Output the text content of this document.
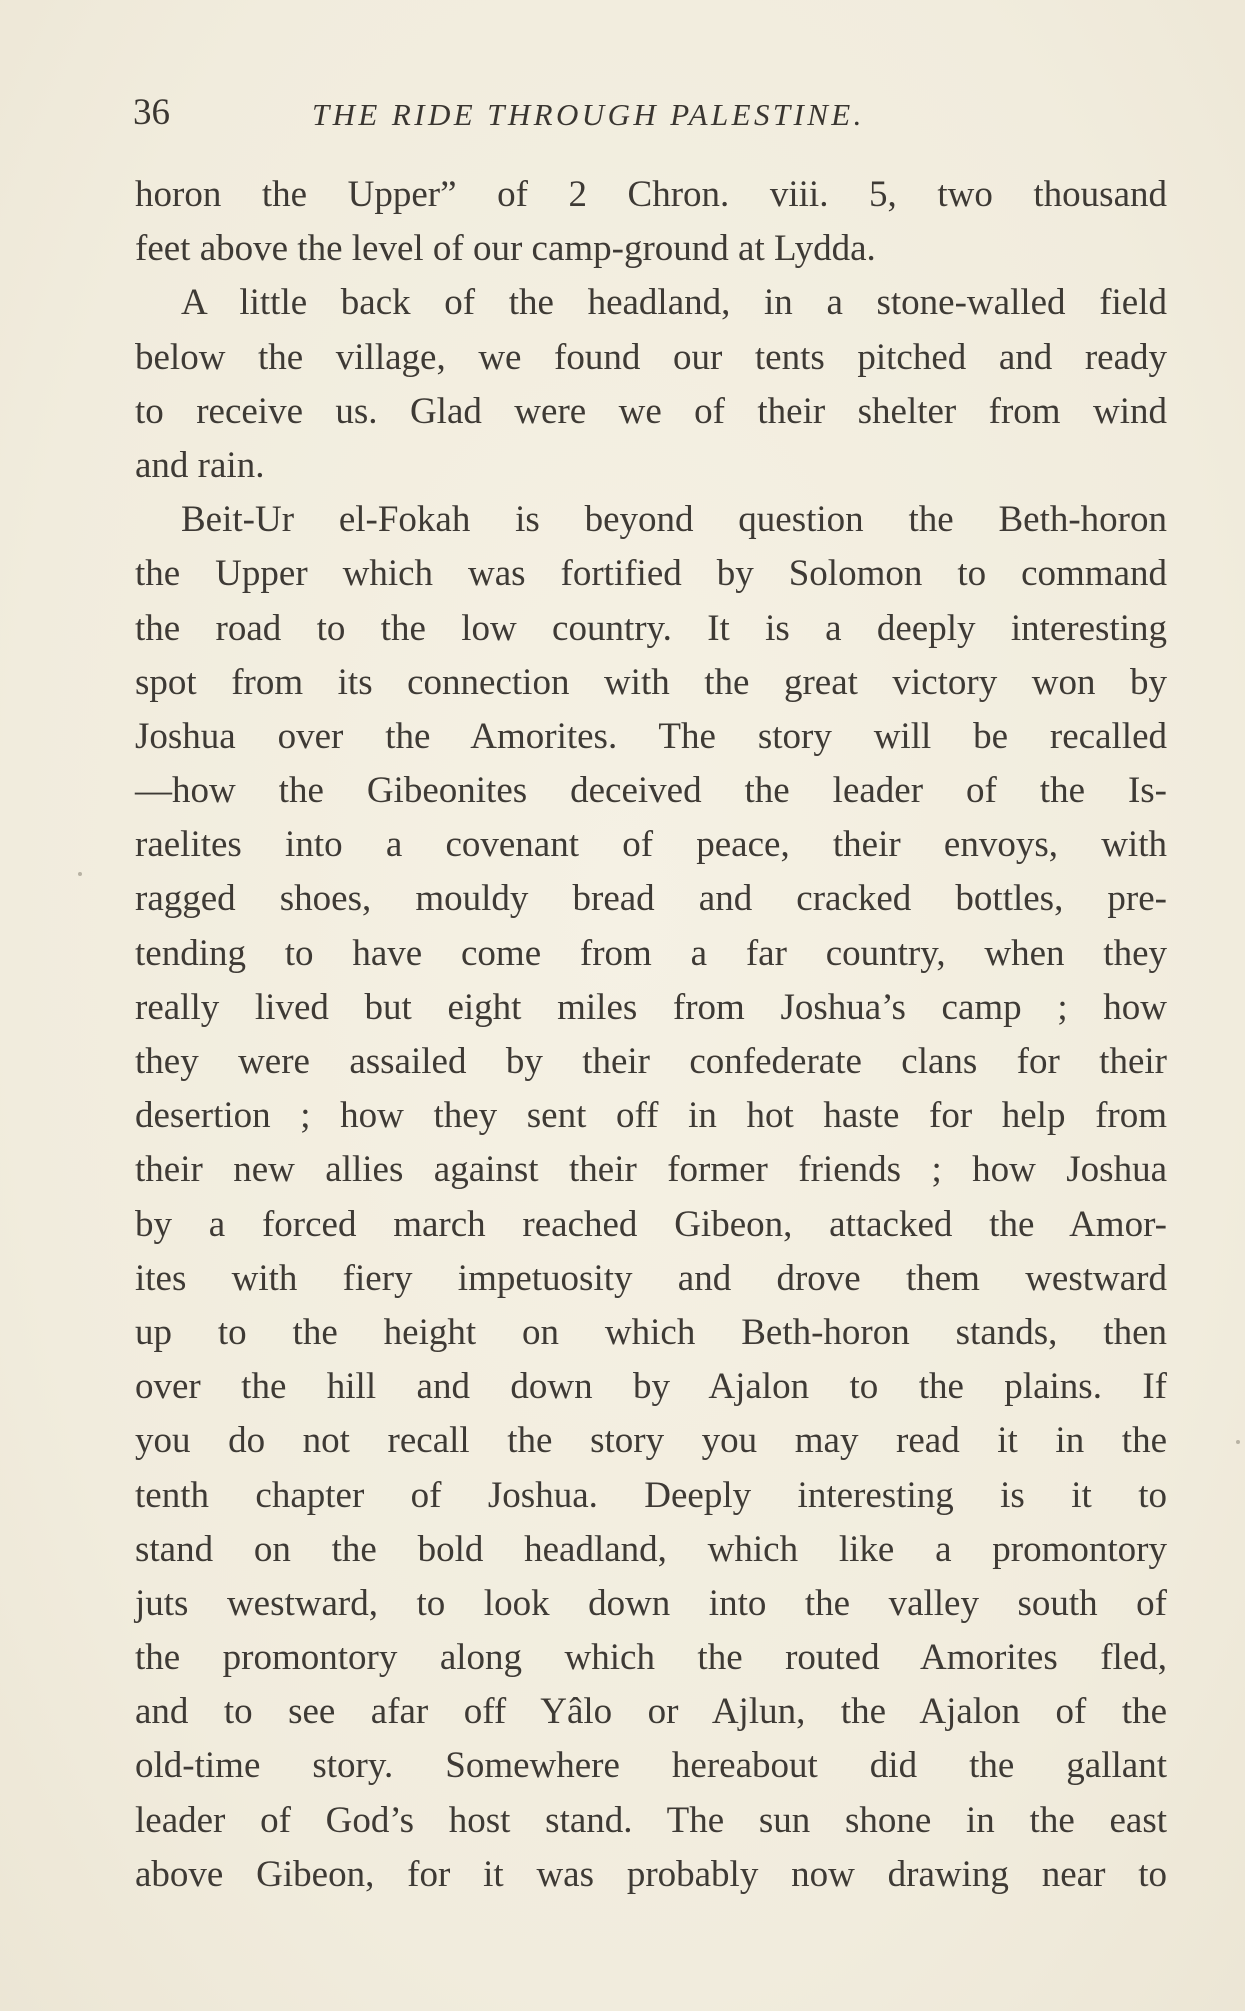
36	THE RIDE THROUGH PALESTINE.
horon the Upper” of 2 Chron. viii. 5, two thousand
feet above the level of our camp-ground at Lydda.
A little back of the headland, in a stone-walled field
below the village, we found our tents pitched and ready
to receive us. Glad were we of their shelter from wind
and rain.
Beit-Ur el-Fokah is beyond question the Beth-horon
the Upper which was fortified by Solomon to command
the road to the low country. It is a deeply interesting
spot from its connection with the great victory won by
Joshua over the Amorites. The story will be recalled
—how the Gibeonites deceived the leader of the Is-
raelites into a covenant of peace, their envoys, with
ragged shoes, mouldy bread and cracked bottles, pre-
tending to have come from a far country, when they
really lived but eight miles from Joshua’s camp ; how
they were assailed by their confederate clans for their
desertion ; how they sent off in hot haste for help from
their new allies against their former friends ; how Joshua
by a forced march reached Gibeon, attacked the Amor-
ites with fiery impetuosity and drove them westward
up to the height on which Beth-horon stands, then
over the hill and down by Ajalon to the plains. If
you do not recall the story you may read it in the
tenth chapter of Joshua. Deeply interesting is it to
stand on the bold headland, which like a promontory
juts westward, to look down into the valley south of
the promontory along which the routed Amorites fled,
and to see afar off Yâlo or Ajlun, the Ajalon of the
old-time story. Somewhere hereabout did the gallant
leader of God’s host stand. The sun shone in the east
above Gibeon, for it was probably now drawing near to
